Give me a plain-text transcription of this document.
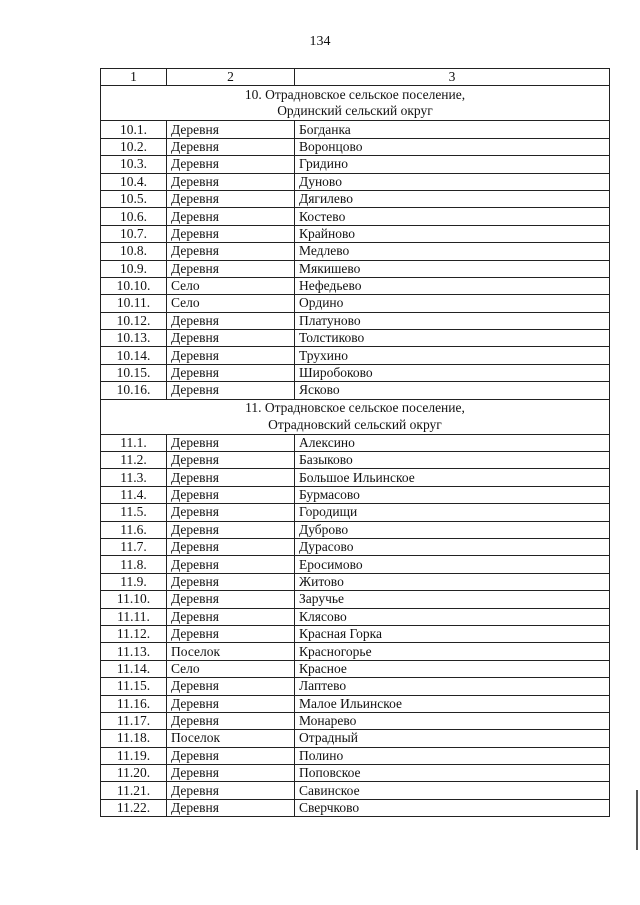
134
1	2	3

10. Отрадновское сельское поселение,
Ординский сельский округ		

10.1.	Деревня	Богданка
10.2.	Деревня	Воронцово
10.3.	Деревня	Гридино
10.4.	Деревня	Дуново
10.5.	Деревня	Дягилево
10.6.	Деревня	Костево
10.7.	Деревня	Крайново
10.8.	Деревня	Медлево
10.9.	Деревня	Мякишево
10.10.	Село	Нефедьево
10.11.	Село	Ордино
10.12.	Деревня	Платуново
10.13.	Деревня	Толстиково
10.14.	Деревня	Трухино
10.15.	Деревня	Широбоково
10.16.	Деревня	Ясково

11. Отрадновское сельское поселение,
Отрадновский сельский округ		

11.1.	Деревня	Алексино
11.2.	Деревня	Базыково
11.3.	Деревня	Большое Ильинское
11.4.	Деревня	Бурмасово
11.5.	Деревня	Городищи
11.6.	Деревня	Дуброво
11.7.	Деревня	Дурасово
11.8.	Деревня	Еросимово
11.9.	Деревня	Житово
11.10.	Деревня	Заручье
11.11.	Деревня	Клясово
11.12.	Деревня	Красная Горка
11.13.	Поселок	Красногорье
11.14.	Село	Красное
11.15.	Деревня	Лаптево
11.16.	Деревня	Малое Ильинское
11.17.	Деревня	Монарево
11.18.	Поселок	Отрадный
11.19.	Деревня	Полино
11.20.	Деревня	Поповское
11.21.	Деревня	Савинское
11.22.	Деревня	Сверчково
